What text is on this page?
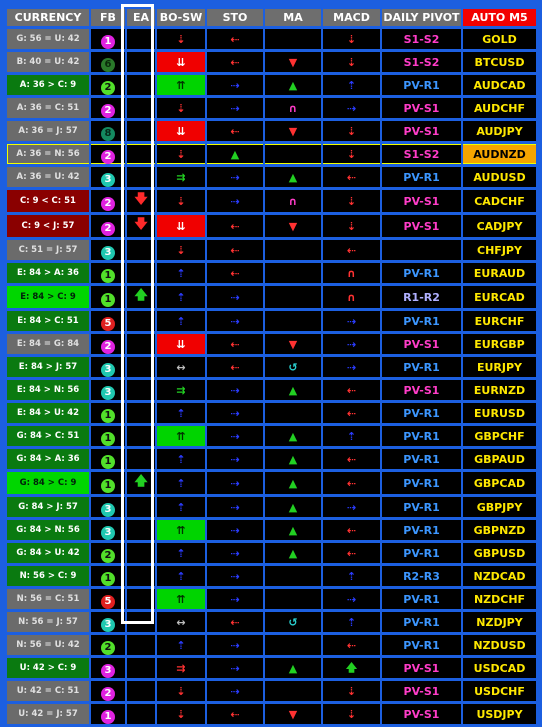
CURRENCY	FB	EA	BO-SW	STO	MA	MACD	DAILY PIVOT	AUTO M5
G: 56 = U: 42	1		⇣	⇠		⇣	S1-S2	GOLD
B: 40 = U: 42	6		⇊	⇠	▼	⇣	S1-S2	BTCUSD
A: 36 > C: 9	2		⇈	⇢	▲	⇡	PV-R1	AUDCAD
A: 36 = C: 51	2		⇣	⇢	∩	⇢	PV-S1	AUDCHF
A: 36 = J: 57	8		⇊	⇠	▼	⇣	PV-S1	AUDJPY
A: 36 = N: 56	2		⇣	▲		⇣	S1-S2	AUDNZD
A: 36 = U: 42	3		⇉	⇢	▲	⇠	PV-R1	AUDUSD
C: 9 < C: 51	2	🡇	⇣	⇢	∩	⇣	PV-S1	CADCHF
C: 9 < J: 57	2	🡇	⇊	⇠	▼	⇣	PV-S1	CADJPY
C: 51 = J: 57	3		⇣	⇠		⇠		CHFJPY
E: 84 > A: 36	1		⇡	⇠		∩	PV-R1	EURAUD
E: 84 > C: 9	1	🡅	⇡	⇢		∩	R1-R2	EURCAD
E: 84 > C: 51	5		⇡	⇢		⇢	PV-R1	EURCHF
E: 84 = G: 84	2		⇊	⇠	▼	⇢	PV-S1	EURGBP
E: 84 > J: 57	3		↔	⇠	↺	⇢	PV-R1	EURJPY
E: 84 > N: 56	3		⇉	⇢	▲	⇠	PV-S1	EURNZD
E: 84 > U: 42	1		⇡	⇢		⇠	PV-R1	EURUSD
G: 84 > C: 51	1		⇈	⇢	▲	⇡	PV-R1	GBPCHF
G: 84 > A: 36	1		⇡	⇢	▲	⇠	PV-R1	GBPAUD
G: 84 > C: 9	1	🡅	⇡	⇢	▲	⇠	PV-R1	GBPCAD
G: 84 > J: 57	3		⇡	⇢	▲	⇢	PV-R1	GBPJPY
G: 84 > N: 56	3		⇈	⇢	▲	⇠	PV-R1	GBPNZD
G: 84 > U: 42	2		⇡	⇢	▲	⇠	PV-R1	GBPUSD
N: 56 > C: 9	1		⇡	⇢		⇡	R2-R3	NZDCAD
N: 56 = C: 51	5		⇈	⇢		⇢	PV-R1	NZDCHF
N: 56 = J: 57	3		↔	⇠	↺	⇡	PV-R1	NZDJPY
N: 56 = U: 42	2		⇡	⇢		⇠	PV-R1	NZDUSD
U: 42 > C: 9	3		⇉	⇢	▲	🡅	PV-S1	USDCAD
U: 42 = C: 51	2		⇣	⇢		⇣	PV-S1	USDCHF
U: 42 = J: 57	1		⇣	⇠	▼	⇣	PV-S1	USDJPY
